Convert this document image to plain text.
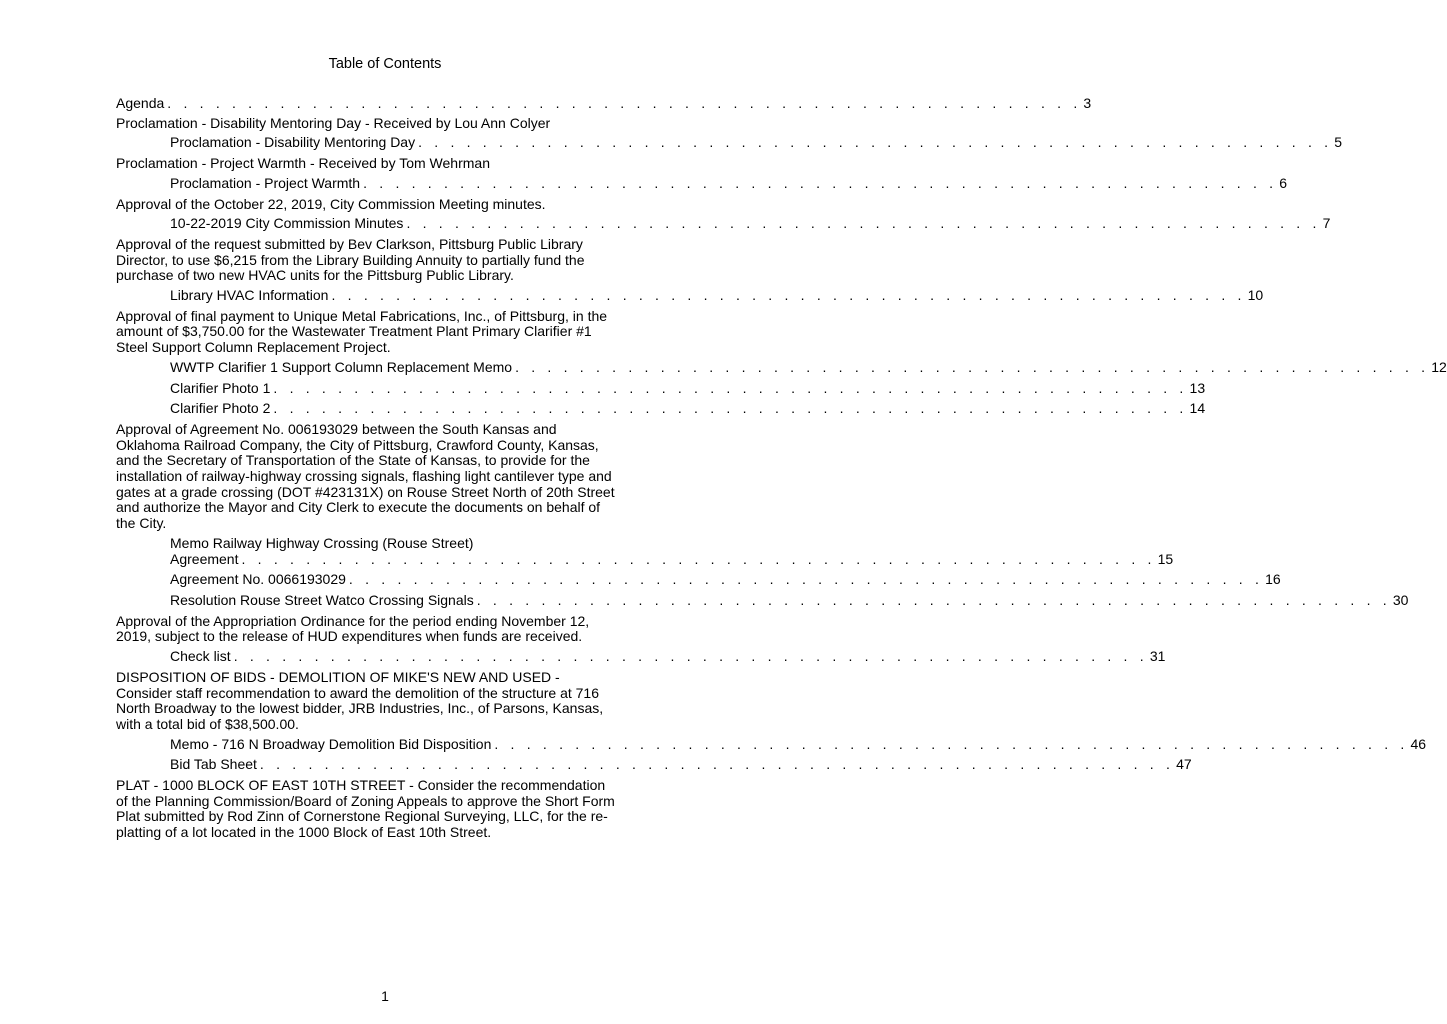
Table of Contents
Agenda . . . . . . . . . . . . . . . . . . . . . . . . . . . . . . . . . . . . . . . . . . . . . . . . . . . . . . . . . 3
Proclamation - Disability Mentoring Day - Received by Lou Ann Colyer
Proclamation - Disability Mentoring Day . . . . . . . . . . . . . . . . . . . . . . . . . . . . . . . . . . . . . . . . . . . . . . . . . . . . . . . . . 5
Proclamation - Project Warmth - Received by Tom Wehrman
Proclamation - Project Warmth . . . . . . . . . . . . . . . . . . . . . . . . . . . . . . . . . . . . . . . . . . . . . . . . . . . . . . . . . 6
Approval of the October 22, 2019, City Commission Meeting minutes.
10-22-2019 City Commission Minutes . . . . . . . . . . . . . . . . . . . . . . . . . . . . . . . . . . . . . . . . . . . . . . . . . . . . . . . . . 7
Approval of the request submitted by Bev Clarkson, Pittsburg Public Library Director, to use $6,215 from the Library Building Annuity to partially fund the purchase of two new HVAC units for the Pittsburg Public Library.
Library HVAC Information . . . . . . . . . . . . . . . . . . . . . . . . . . . . . . . . . . . . . . . . . . . . . . . . . . . . . . . . . 10
Approval of final payment to Unique Metal Fabrications, Inc., of Pittsburg, in the amount of $3,750.00 for the Wastewater Treatment Plant Primary Clarifier #1 Steel Support Column Replacement Project.
WWTP Clarifier 1 Support Column Replacement Memo . . . . . . . . . . . . . . . . . . . . . . . . . . . . . . . . . . . . . . . . . . . . . . . . . . . . . . . . . 12
Clarifier Photo 1 . . . . . . . . . . . . . . . . . . . . . . . . . . . . . . . . . . . . . . . . . . . . . . . . . . . . . . . . . 13
Clarifier Photo 2 . . . . . . . . . . . . . . . . . . . . . . . . . . . . . . . . . . . . . . . . . . . . . . . . . . . . . . . . . 14
Approval of Agreement No. 006193029 between the South Kansas and Oklahoma Railroad Company, the City of Pittsburg, Crawford County, Kansas, and the Secretary of Transportation of the State of Kansas, to provide for the installation of railway-highway crossing signals, flashing light cantilever type and gates at a grade crossing (DOT #423131X) on Rouse Street North of 20th Street and authorize the Mayor and City Clerk to execute the documents on behalf of the City.
Memo Railway Highway Crossing (Rouse Street)
Agreement . . . . . . . . . . . . . . . . . . . . . . . . . . . . . . . . . . . . . . . . . . . . . . . . . . . . . . . . . 15
Agreement No. 0066193029 . . . . . . . . . . . . . . . . . . . . . . . . . . . . . . . . . . . . . . . . . . . . . . . . . . . . . . . . . 16
Resolution Rouse Street Watco Crossing Signals . . . . . . . . . . . . . . . . . . . . . . . . . . . . . . . . . . . . . . . . . . . . . . . . . . . . . . . . . 30
Approval of the Appropriation Ordinance for the period ending November 12, 2019, subject to the release of HUD expenditures when funds are received.
Check list . . . . . . . . . . . . . . . . . . . . . . . . . . . . . . . . . . . . . . . . . . . . . . . . . . . . . . . . . 31
DISPOSITION OF BIDS - DEMOLITION OF MIKE'S NEW AND USED - Consider staff recommendation to award the demolition of the structure at 716 North Broadway to the lowest bidder, JRB Industries, Inc., of Parsons, Kansas, with a total bid of $38,500.00.
Memo - 716 N Broadway Demolition Bid Disposition . . . . . . . . . . . . . . . . . . . . . . . . . . . . . . . . . . . . . . . . . . . . . . . . . . . . . . . . . 46
Bid Tab Sheet . . . . . . . . . . . . . . . . . . . . . . . . . . . . . . . . . . . . . . . . . . . . . . . . . . . . . . . . . 47
PLAT - 1000 BLOCK OF EAST 10TH STREET - Consider the recommendation of the Planning Commission/Board of Zoning Appeals to approve the Short Form Plat submitted by Rod Zinn of Cornerstone Regional Surveying, LLC, for the re-platting of a lot located in the 1000 Block of East 10th Street.
1
